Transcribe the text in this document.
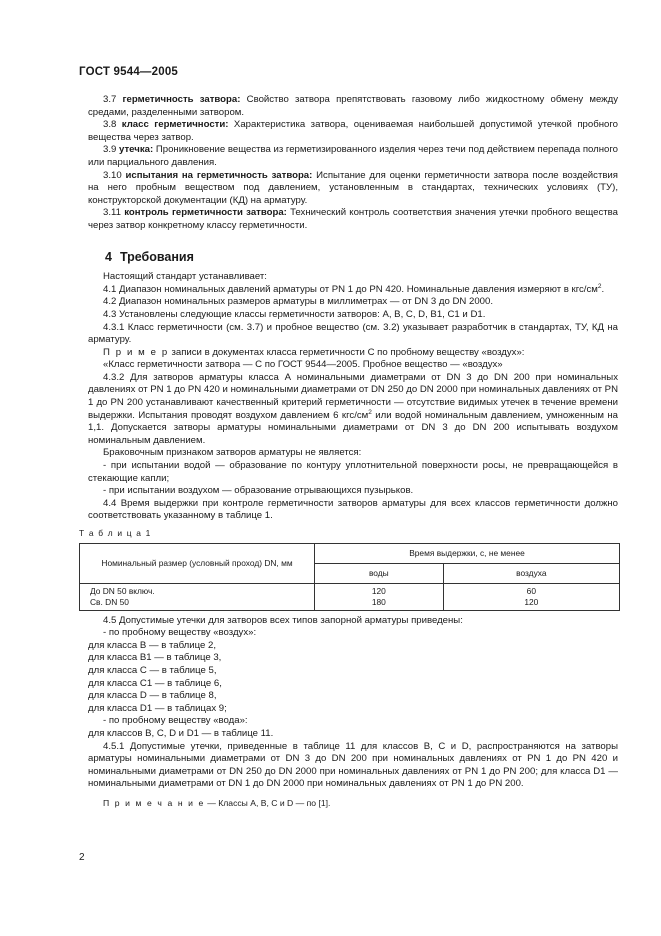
ГОСТ 9544—2005

3.7 герметичность затвора: Свойство затвора препятствовать газовому либо жидкостному обмену между средами, разделенными затвором.

3.8 класс герметичности: Характеристика затвора, оцениваемая наибольшей допустимой утечкой пробного вещества через затвор.

3.9 утечка: Проникновение вещества из герметизированного изделия через течи под действием перепада полного или парциального давления.

3.10 испытания на герметичность затвора: Испытание для оценки герметичности затвора после воздействия на него пробным веществом под давлением, установленным в стандартах, технических условиях (ТУ), конструкторской документации (КД) на арматуру.

3.11 контроль герметичности затвора: Технический контроль соответствия значения утечки пробного вещества через затвор конкретному классу герметичности.

4 Требования

Настоящий стандарт устанавливает:

4.1 Диапазон номинальных давлений арматуры от PN 1 до PN 420. Номинальные давления измеряют в кгс/$см^2$.

4.2 Диапазон номинальных размеров арматуры в миллиметрах — от DN 3 до DN 2000.

4.3 Установлены следующие классы герметичности затворов: А, В, С, D, В1, С1 и D1.

4.3.1 Класс герметичности (см. 3.7) и пробное вещество (см. 3.2) указывает разработчик в стандартах, ТУ, КД на арматуру.

П р и м е р записи в документах класса герметичности С по пробному веществу «воздух»:

«Класс герметичности затвора — С по ГОСТ 9544—2005. Пробное вещество — «воздух»

4.3.2 Для затворов арматуры класса А номинальными диаметрами от DN 3 до DN 200 при номинальных давлениях от PN 1 до PN 420 и номинальными диаметрами от DN 250 до DN 2000 при номинальных давлениях от PN 1 до PN 200 устанавливают качественный критерий герметичности — отсутствие видимых утечек в течение времени выдержки. Испытания проводят воздухом давлением 6 кгс/$см^2$ или водой номинальным давлением, умноженным на 1,1. Допускается затворы арматуры номинальными диаметрами от DN 3 до DN 200 испытывать воздухом номинальным давлением.

Браковочным признаком затворов арматуры не является:

- при испытании водой — образование по контуру уплотнительной поверхности росы, не превращающейся в стекающие капли;

- при испытании воздухом — образование отрывающихся пузырьков.

4.4 Время выдержки при контроле герметичности затворов арматуры для всех классов герметичности должно соответствовать указанному в таблице 1.

Т а б л и ц а 1
Номинальный размер (условный проход) DN, мм	Время выдержки, с, не менее	
	воды	воздуха
До DN 50 включ.	120	60
Св. DN 50	180	120

4.5 Допустимые утечки для затворов всех типов запорной арматуры приведены:

- по пробному веществу «воздух»:

для класса В — в таблице 2,

для класса В1 — в таблице 3,

для класса С — в таблице 5,

для класса С1 — в таблице 6,

для класса D — в таблице 8,

для класса D1 — в таблицах 9;

- по пробному веществу «вода»:

для классов В, С, D и D1 — в таблице 11.

4.5.1 Допустимые утечки, приведенные в таблице 11 для классов В, С и D, распространяются на затворы арматуры номинальными диаметрами от DN 3 до DN 200 при номинальных давлениях от PN 1 до PN 420 и номинальными диаметрами от DN 250 до DN 2000 при номинальных давлениях от PN 1 до PN 200; для класса D1 — номинальными диаметрами от DN 1 до DN 2000 при номинальных давлениях от PN 1 до PN 200.

П р и м е ч а н и е — Классы А, В, С и D — по [1].

2
